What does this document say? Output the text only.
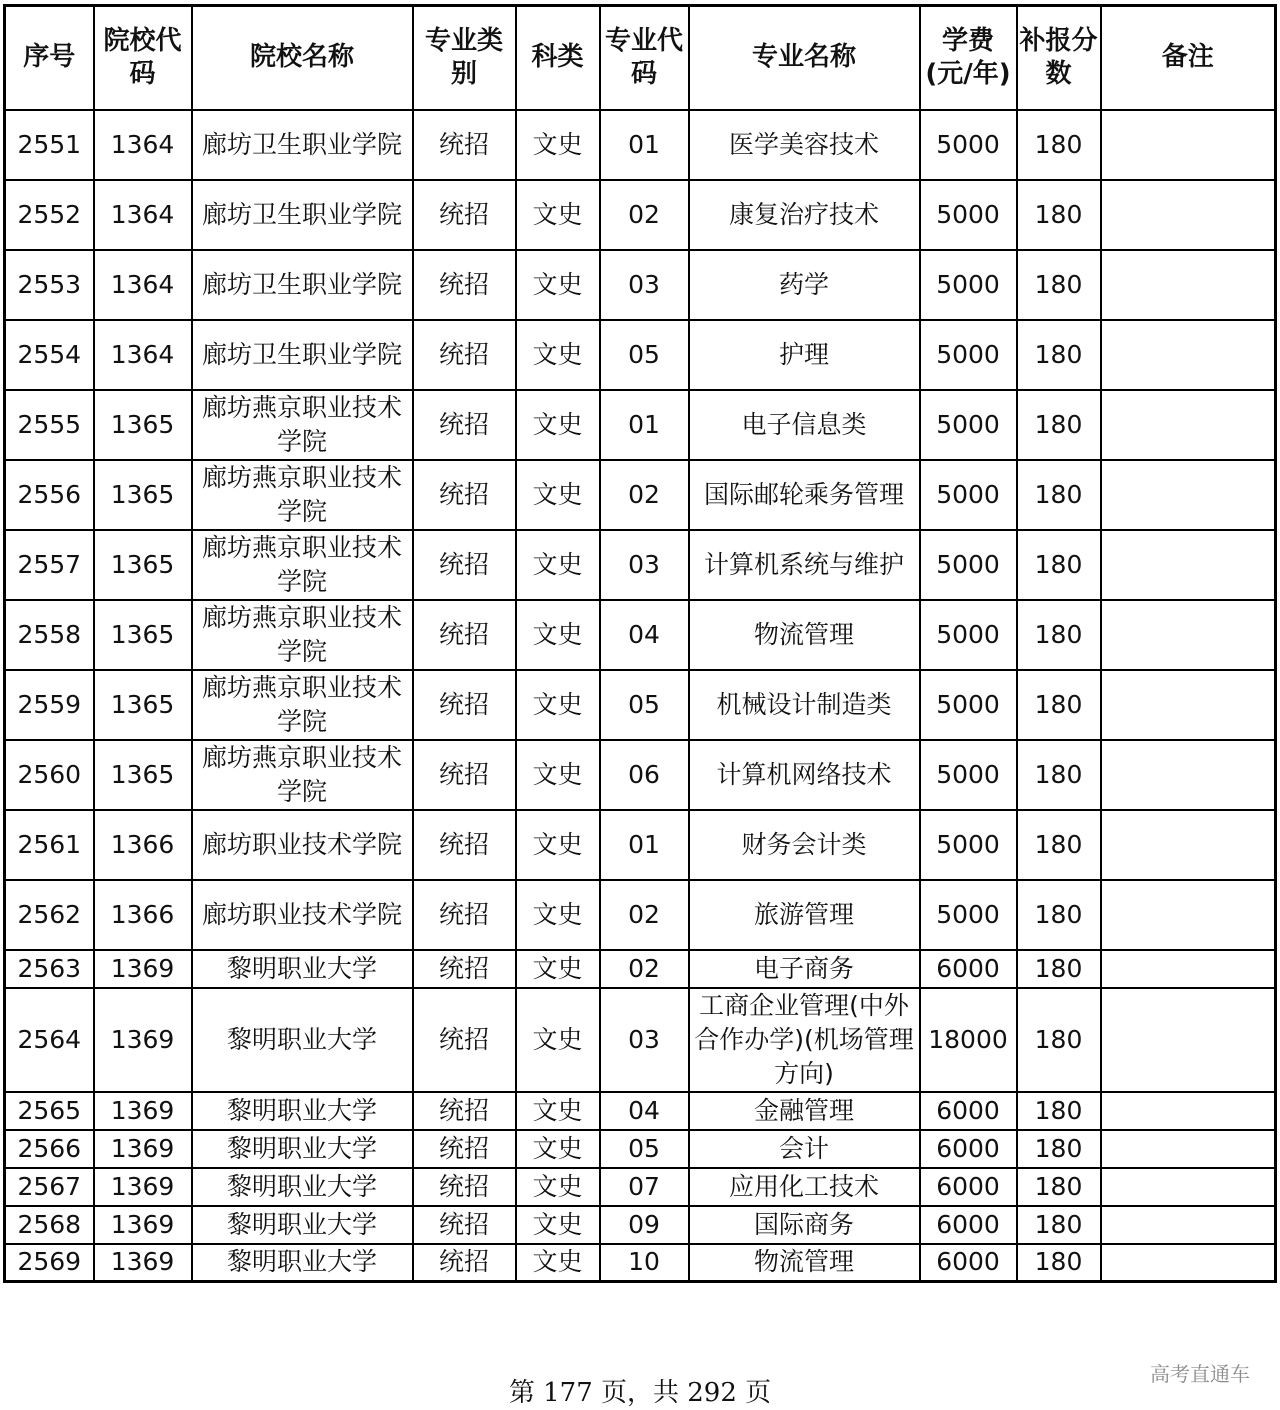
序号	院校代码	院校名称	专业类别	科类	专业代码	专业名称	学费(元/年)	补报分数	备注
2551	1364	廊坊卫生职业学院	统招	文史	01	医学美容技术	5000	180	
2552	1364	廊坊卫生职业学院	统招	文史	02	康复治疗技术	5000	180	
2553	1364	廊坊卫生职业学院	统招	文史	03	药学	5000	180	
2554	1364	廊坊卫生职业学院	统招	文史	05	护理	5000	180	
2555	1365	廊坊燕京职业技术学院	统招	文史	01	电子信息类	5000	180	
2556	1365	廊坊燕京职业技术学院	统招	文史	02	国际邮轮乘务管理	5000	180	
2557	1365	廊坊燕京职业技术学院	统招	文史	03	计算机系统与维护	5000	180	
2558	1365	廊坊燕京职业技术学院	统招	文史	04	物流管理	5000	180	
2559	1365	廊坊燕京职业技术学院	统招	文史	05	机械设计制造类	5000	180	
2560	1365	廊坊燕京职业技术学院	统招	文史	06	计算机网络技术	5000	180	
2561	1366	廊坊职业技术学院	统招	文史	01	财务会计类	5000	180	
2562	1366	廊坊职业技术学院	统招	文史	02	旅游管理	5000	180	
2563	1369	黎明职业大学	统招	文史	02	电子商务	6000	180	
2564	1369	黎明职业大学	统招	文史	03	工商企业管理(中外合作办学)(机场管理方向)	18000	180	
2565	1369	黎明职业大学	统招	文史	04	金融管理	6000	180	
2566	1369	黎明职业大学	统招	文史	05	会计	6000	180	
2567	1369	黎明职业大学	统招	文史	07	应用化工技术	6000	180	
2568	1369	黎明职业大学	统招	文史	09	国际商务	6000	180	
2569	1369	黎明职业大学	统招	文史	10	物流管理	6000	180	
第 177 页，共 292 页
高考直通车
